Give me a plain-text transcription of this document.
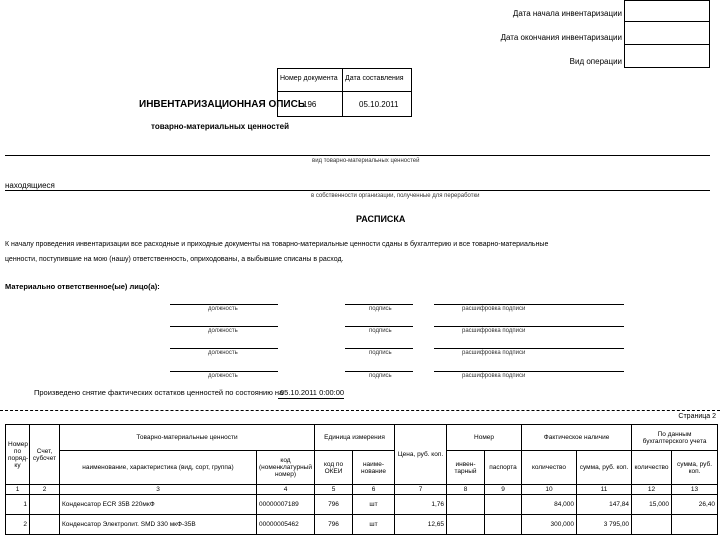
Дата начала инвентаризации
Дата окончания инвентаризации
Вид операции
Номер документа Дата составления
196	05.10.2011
ИНВЕНТАРИЗАЦИОННАЯ ОПИСЬ
товарно-материальных ценностей
вид товарно-материальных ценностей
находящиеся
в собственности организации, полученные для переработки
РАСПИСКА
К началу проведения инвентаризации все расходные и приходные документы на товарно-материальные ценности сданы в бухгалтерию и все товарно-материальные
ценности, поступившие на мою (нашу) ответственность, оприходованы, а выбывшие списаны в расход.
Материально ответственное(ые) лицо(а):
должность	подпись	расшифровка подписи
должность	подпись	расшифровка подписи
должность	подпись	расшифровка подписи
должность	подпись	расшифровка подписи
Произведено снятие фактических остатков ценностей по состоянию на
05.10.2011 0:00:00
Страница 2
Номер по поряд-ку	Счет, субсчет	Товарно-материальные ценности		Единица измерения		Цена, руб. коп.	Номер		Фактическое наличие		По данным бухгалтерского учета	
		наименование, характеристика (вид, сорт, группа)	код (номенклатурный номер)	код по ОКЕИ	наиме-нование		инвен-тарный	паспорта	количество	сумма, руб. коп.	количество	сумма, руб. коп.
1	2	3	4	5	6	7	8	9	10	11	12	13
1		Конденсатор ECR 35B 220мкФ	00000007189	796	шт	1,76			84,000	147,84	15,000	26,40
2		Конденсатор Электролит. SMD 330 мкФ-35В	00000005462	796	шт	12,65			300,000	3 795,00		
